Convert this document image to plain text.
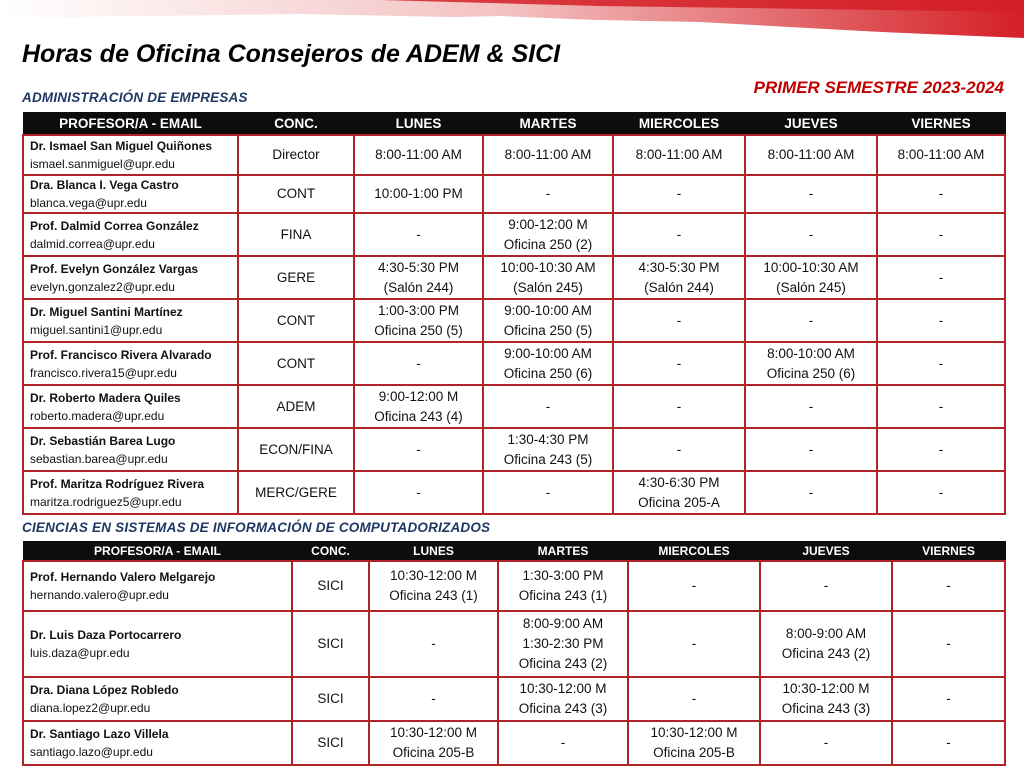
Horas de Oficina Consejeros de ADEM & SICI
PRIMER SEMESTRE 2023-2024
ADMINISTRACIÓN DE EMPRESAS
PROFESOR/A - EMAIL	CONC.	LUNES	MARTES	MIERCOLES	JUEVES	VIERNES

Dr. Ismael San Miguel Quiñones
ismael.sanmiguel@upr.edu	Director	8:00-11:00 AM	8:00-11:00 AM	8:00-11:00 AM	8:00-11:00 AM	8:00-11:00 AM

Dra. Blanca I. Vega Castro
blanca.vega@upr.edu	CONT	10:00-1:00 PM	-	-	-	-

Prof. Dalmid Correa González
dalmid.correa@upr.edu	FINA	-	9:00-12:00 M
Oficina 250 (2)	-	-	-

Prof. Evelyn González Vargas
evelyn.gonzalez2@upr.edu	GERE	4:30-5:30 PM
(Salón 244)	10:00-10:30 AM
(Salón 245)	4:30-5:30 PM
(Salón 244)	10:00-10:30 AM
(Salón 245)	-

Dr. Miguel Santini Martínez
miguel.santini1@upr.edu	CONT	1:00-3:00 PM
Oficina 250 (5)	9:00-10:00 AM
Oficina 250 (5)	-	-	-

Prof. Francisco Rivera Alvarado
francisco.rivera15@upr.edu	CONT	-	9:00-10:00 AM
Oficina 250 (6)	-	8:00-10:00 AM
Oficina 250 (6)	-

Dr. Roberto Madera Quiles
roberto.madera@upr.edu	ADEM	9:00-12:00 M
Oficina 243 (4)	-	-	-	-

Dr. Sebastián Barea Lugo
sebastian.barea@upr.edu	ECON/FINA	-	1:30-4:30 PM
Oficina 243 (5)	-	-	-

Prof. Maritza Rodríguez Rivera
maritza.rodriguez5@upr.edu	MERC/GERE	-	-	4:30-6:30 PM
Oficina 205-A	-	-
CIENCIAS EN SISTEMAS DE INFORMACIÓN DE COMPUTADORIZADOS
PROFESOR/A - EMAIL	CONC.	LUNES	MARTES	MIERCOLES	JUEVES	VIERNES

Prof. Hernando Valero Melgarejo
hernando.valero@upr.edu	SICI	10:30-12:00 M
Oficina 243 (1)	1:30-3:00 PM
Oficina 243 (1)	-	-	-

Dr. Luis Daza Portocarrero
luis.daza@upr.edu	SICI	-	8:00-9:00 AM
1:30-2:30 PM
Oficina 243 (2)	-	8:00-9:00 AM
Oficina 243 (2)	-

Dra. Diana López Robledo
diana.lopez2@upr.edu	SICI	-	10:30-12:00 M
Oficina 243 (3)	-	10:30-12:00 M
Oficina 243 (3)	-

Dr. Santiago Lazo Villela
santiago.lazo@upr.edu	SICI	10:30-12:00 M
Oficina 205-B	-	10:30-12:00 M
Oficina 205-B	-	-
